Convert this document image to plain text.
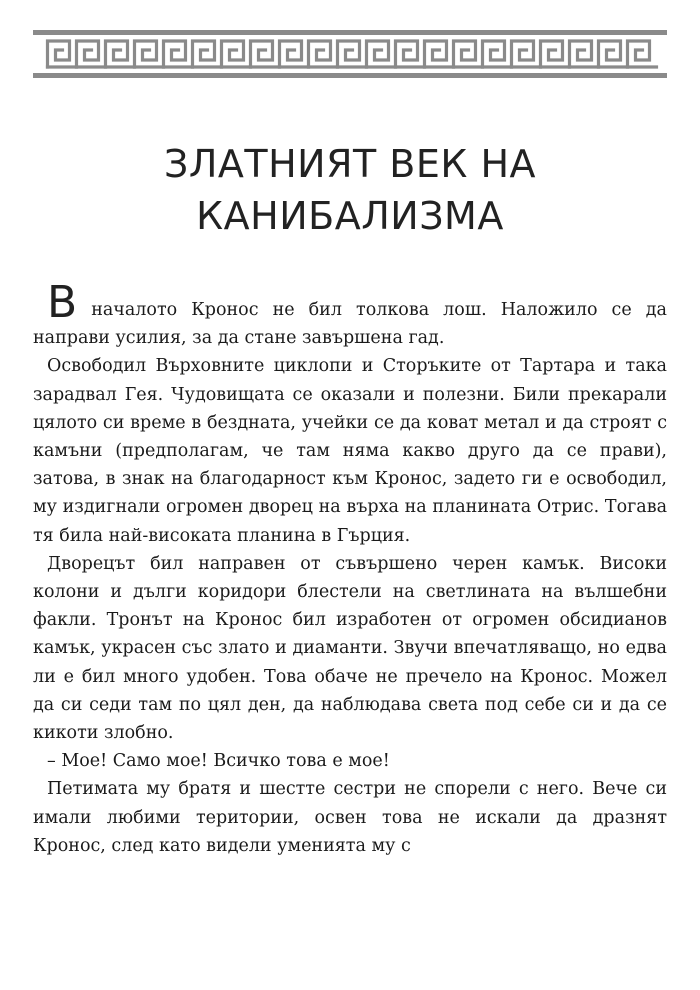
ЗЛАТНИЯТ ВЕК НА
КАНИБАЛИЗМА

Вначалото Кронос не бил толкова лош. Наложило се да направи усилия, за да стане завършена гад.

Освободил Върховните циклопи и Сторъките от Тартара и така зарадвал Гея. Чудовищата се оказали и полезни. Били прекарали цялото си време в бездната, учейки се да коват метал и да строят с камъни (предполагам, че там няма какво друго да се прави), затова, в знак на благодарност към Кронос, задето ги е освободил, му издигнали огромен дворец на върха на планината Отрис. Тогава тя била най-високата планина в Гърция.

Дворецът бил направен от съвършено черен камък. Високи колони и дълги коридори блестели на светлината на вълшебни факли. Тронът на Кронос бил изработен от огромен обсидианов камък, украсен със злато и диаманти. Звучи впечатляващо, но едва ли е бил много удобен. Това обаче не пречело на Кронос. Можел да си седи там по цял ден, да наблюдава света под себе си и да се кикоти злобно.

– Мое! Само мое! Всичко това е мое!

Петимата му братя и шестте сестри не спорели с него. Вече си имали любими територии, освен това не искали да дразнят Кронос, след като видели уменията му с
